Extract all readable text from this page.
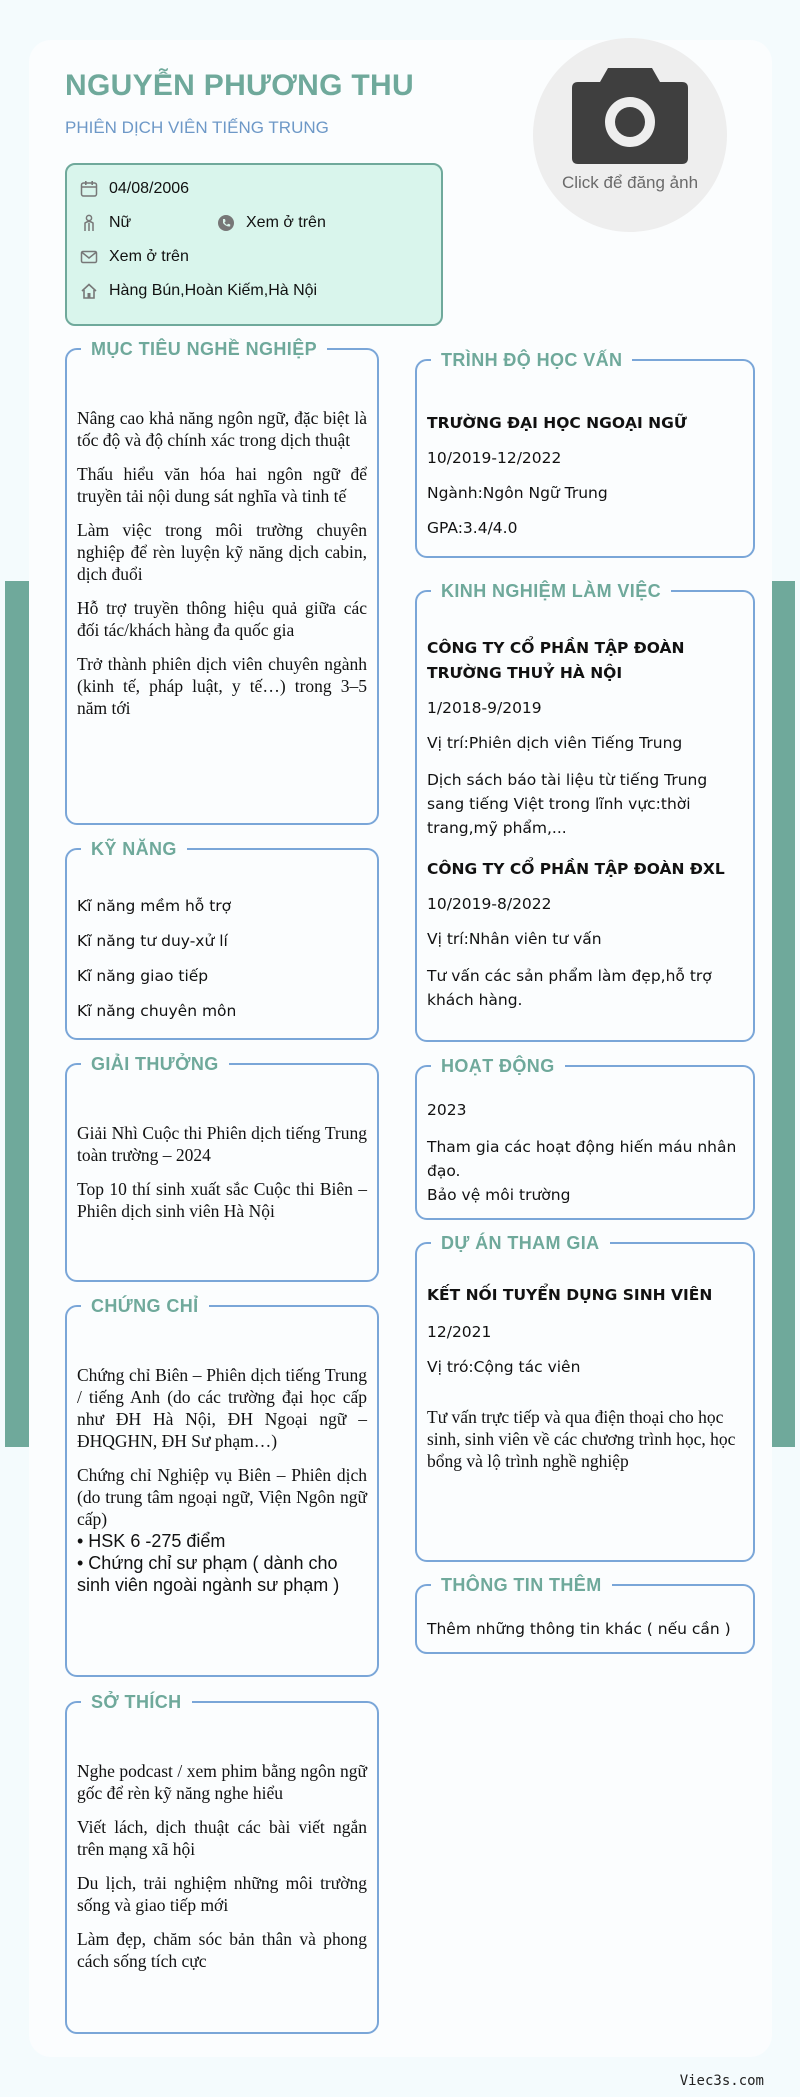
NGUYỄN PHƯƠNG THU
PHIÊN DỊCH VIÊN TIẾNG TRUNG
Click để đăng ảnh
04/08/2006
Nữ	Xem ở trên
Xem ở trên
Hàng Bún,Hoàn Kiếm,Hà Nội
MỤC TIÊU NGHỀ NGHIỆP

Nâng cao khả năng ngôn ngữ, đặc biệt là tốc độ và độ chính xác trong dịch thuật

Thấu hiểu văn hóa hai ngôn ngữ để truyền tải nội dung sát nghĩa và tinh tế

Làm việc trong môi trường chuyên nghiệp để rèn luyện kỹ năng dịch cabin, dịch đuổi

Hỗ trợ truyền thông hiệu quả giữa các đối tác/khách hàng đa quốc gia

Trở thành phiên dịch viên chuyên ngành (kinh tế, pháp luật, y tế…) trong 3–5 năm tới

KỸ NĂNG
Kĩ năng mềm hỗ trợ
Kĩ năng tư duy-xử lí
Kĩ năng giao tiếp
Kĩ năng chuyên môn
GIẢI THƯỞNG

Giải Nhì Cuộc thi Phiên dịch tiếng Trung toàn trường – 2024

Top 10 thí sinh xuất sắc Cuộc thi Biên – Phiên dịch sinh viên Hà Nội

CHỨNG CHỈ

Chứng chỉ Biên – Phiên dịch tiếng Trung / tiếng Anh (do các trường đại học cấp như ĐH Hà Nội, ĐH Ngoại ngữ – ĐHQGHN, ĐH Sư phạm…)

Chứng chỉ Nghiệp vụ Biên – Phiên dịch (do trung tâm ngoại ngữ, Viện Ngôn ngữ cấp)

• HSK 6 -275 điểm
• Chứng chỉ sư phạm ( dành cho sinh viên ngoài ngành sư phạm )
SỞ THÍCH

Nghe podcast / xem phim bằng ngôn ngữ gốc để rèn kỹ năng nghe hiểu

Viết lách, dịch thuật các bài viết ngắn trên mạng xã hội

Du lịch, trải nghiệm những môi trường sống và giao tiếp mới

Làm đẹp, chăm sóc bản thân và phong cách sống tích cực

TRÌNH ĐỘ HỌC VẤN
TRƯỜNG ĐẠI HỌC NGOẠI NGỮ
10/2019-12/2022
Ngành:Ngôn Ngữ Trung
GPA:3.4/4.0
KINH NGHIỆM LÀM VIỆC
CÔNG TY CỔ PHẦN TẬP ĐOÀN TRƯỜNG THUỶ HÀ NỘI
1/2018-9/2019
Vị trí:Phiên dịch viên Tiếng Trung
Dịch sách báo tài liệu từ tiếng Trung sang tiếng Việt trong lĩnh vực:thời trang,mỹ phẩm,...
CÔNG TY CỔ PHẦN TẬP ĐOÀN ĐXL
10/2019-8/2022
Vị trí:Nhân viên tư vấn
Tư vấn các sản phẩm làm đẹp,hỗ trợ khách hàng.
HOẠT ĐỘNG
2023
Tham gia các hoạt động hiến máu nhân đạo.
Bảo vệ môi trường
DỰ ÁN THAM GIA
KẾT NỐI TUYỂN DỤNG SINH VIÊN
12/2021
Vị tró:Cộng tác viên

Tư vấn trực tiếp và qua điện thoại cho học sinh, sinh viên về các chương trình học, học bổng và lộ trình nghề nghiệp

THÔNG TIN THÊM
Thêm những thông tin khác ( nếu cần )
Viec3s.com
